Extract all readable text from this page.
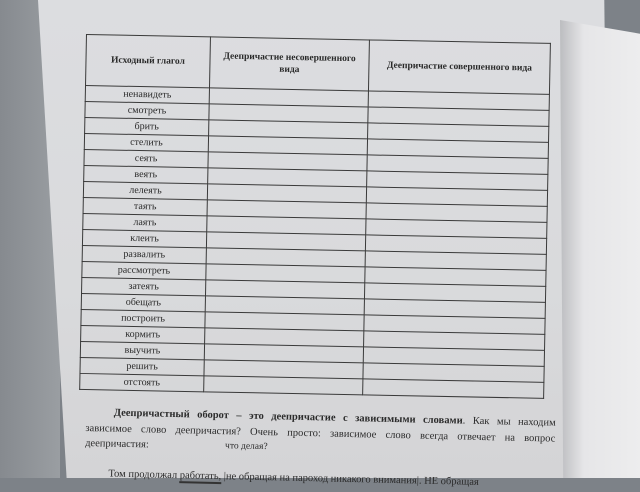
Исходный глагол	Деепричастие несовершенного вида	Деепричастие совершенного вида
ненавидеть		
смотреть		
брить		
стелить		
сеять		
веять		
лелеять		
таять		
лаять		
клеить		
развалить		
рассмотреть		
затеять		
обещать		
построить		
кормить		
выучить		
решить		
отстоять		
Деепричастный оборот – это деепричастие с зависимыми словами. Как мы находим зависимое слово деепричастия? Очень просто: зависимое слово всегда отвечает на вопрос деепричастия:	что делая?
Том продолжал работать, |не обращая на пароход никакого внимания|. НЕ обращая
